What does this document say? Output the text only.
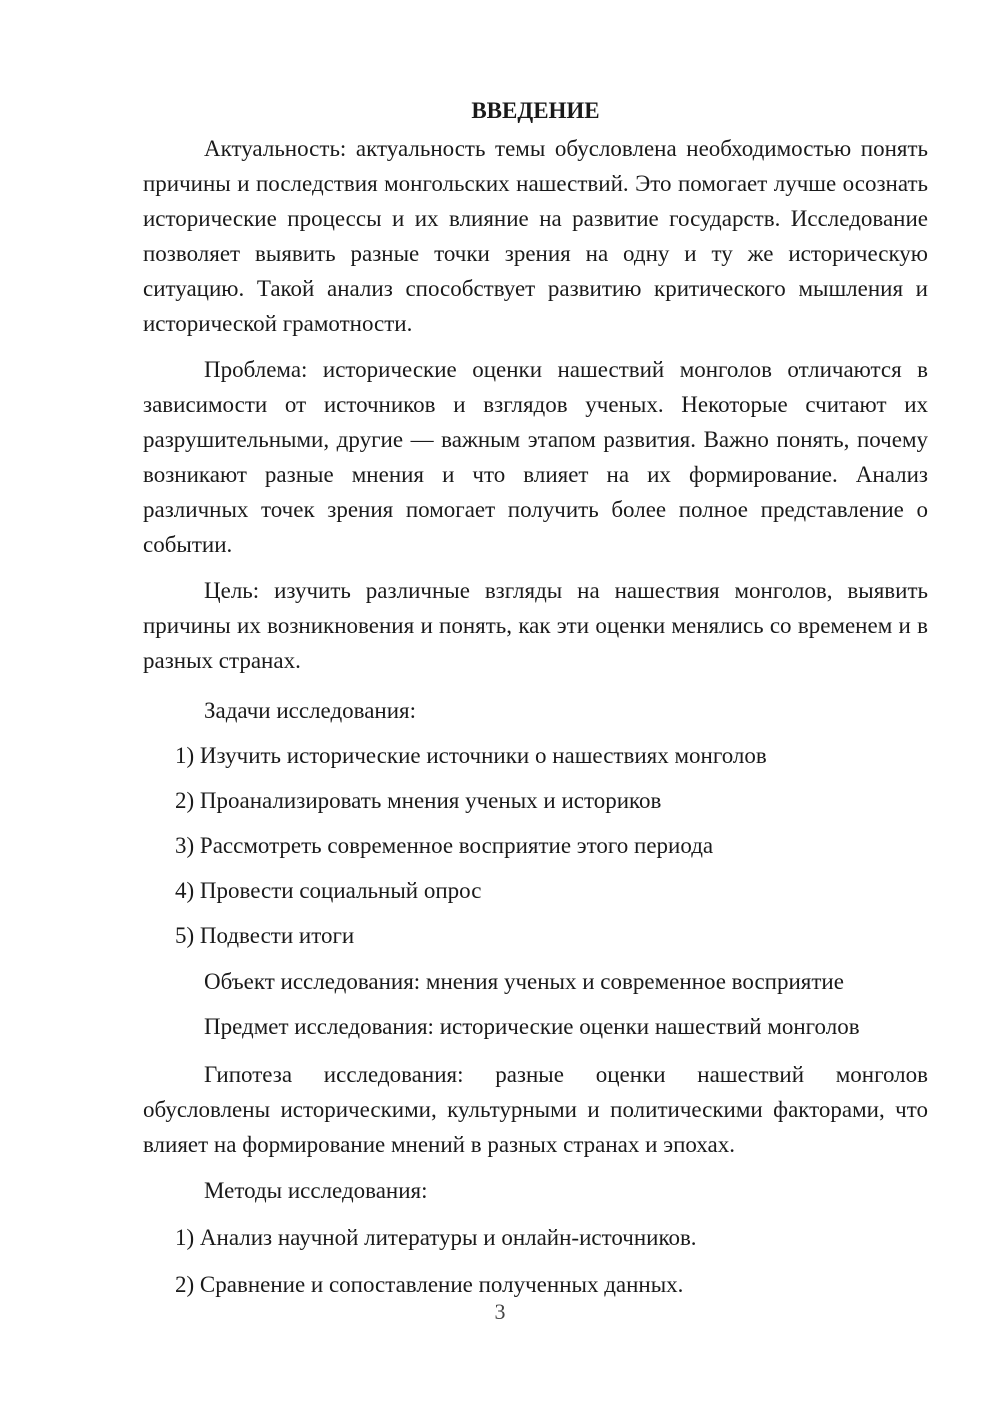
ВВЕДЕНИЕ

Актуальность: актуальность темы обусловлена необходимостью понять причины и последствия монгольских нашествий. Это помогает лучше осознать исторические процессы и их влияние на развитие государств. Исследование позволяет выявить разные точки зрения на одну и ту же историческую ситуацию. Такой анализ способствует развитию критического мышления и исторической грамотности.

Проблема: исторические оценки нашествий монголов отличаются в зависимости от источников и взглядов ученых. Некоторые считают их разрушительными, другие — важным этапом развития. Важно понять, почему возникают разные мнения и что влияет на их формирование. Анализ различных точек зрения помогает получить более полное представление о событии.

Цель: изучить различные взгляды на нашествия монголов, выявить причины их возникновения и понять, как эти оценки менялись со временем и в разных странах.

Задачи исследования:

1) Изучить исторические источники о нашествиях монголов

2) Проанализировать мнения ученых и историков

3) Рассмотреть современное восприятие этого периода

4) Провести социальный опрос

5) Подвести итоги

Объект исследования: мнения ученых и современное восприятие

Предмет исследования: исторические оценки нашествий монголов

Гипотеза исследования: разные оценки нашествий монголов обусловлены историческими, культурными и политическими факторами, что влияет на формирование мнений в разных странах и эпохах.

Методы исследования:

1) Анализ научной литературы и онлайн-источников.

2) Сравнение и сопоставление полученных данных.

3
